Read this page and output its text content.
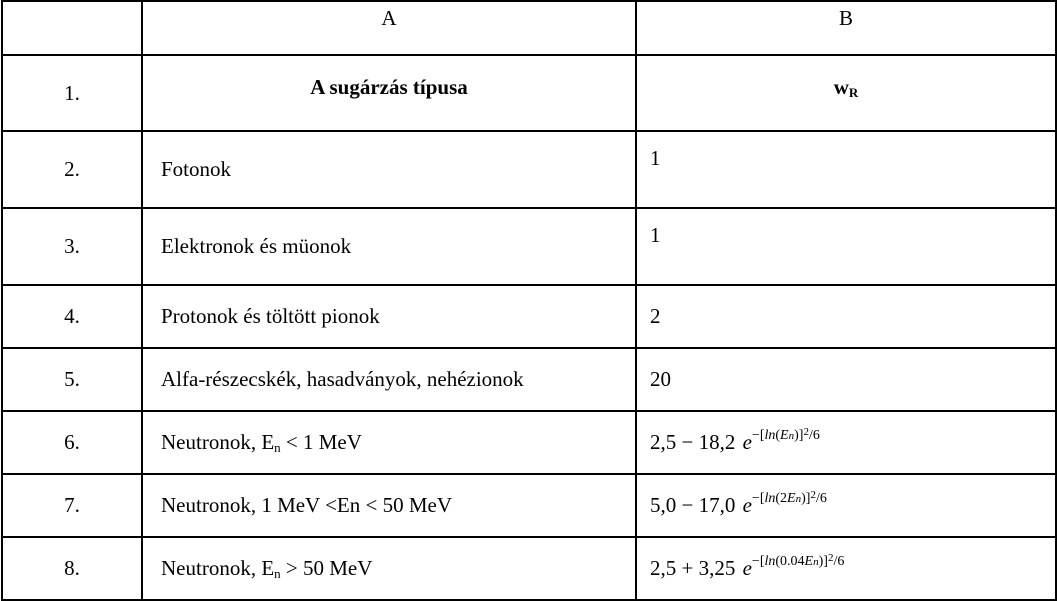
	A	B
1.	A sugárzás típusa	$w_R$
2.	Fotonok	1
3.	Elektronok és müonok	1
4.	Protonok és töltött pionok	2
5.	Alfa-részecskék, hasadványok, nehézionok	20
6.	Neutronok, $E_n < 1$ MeV	2,5 − 18,2 $e^{-[ln(En)]^2/6}$
7.	Neutronok, 1 MeV <En < 50 MeV	5,0 − 17,0 $e^{-[ln(2En)]^2/6}$
8.	Neutronok, $E_n > 50$ MeV	2,5 + 3,25 $e^{-[ln(0.04En)]^2/6}$
